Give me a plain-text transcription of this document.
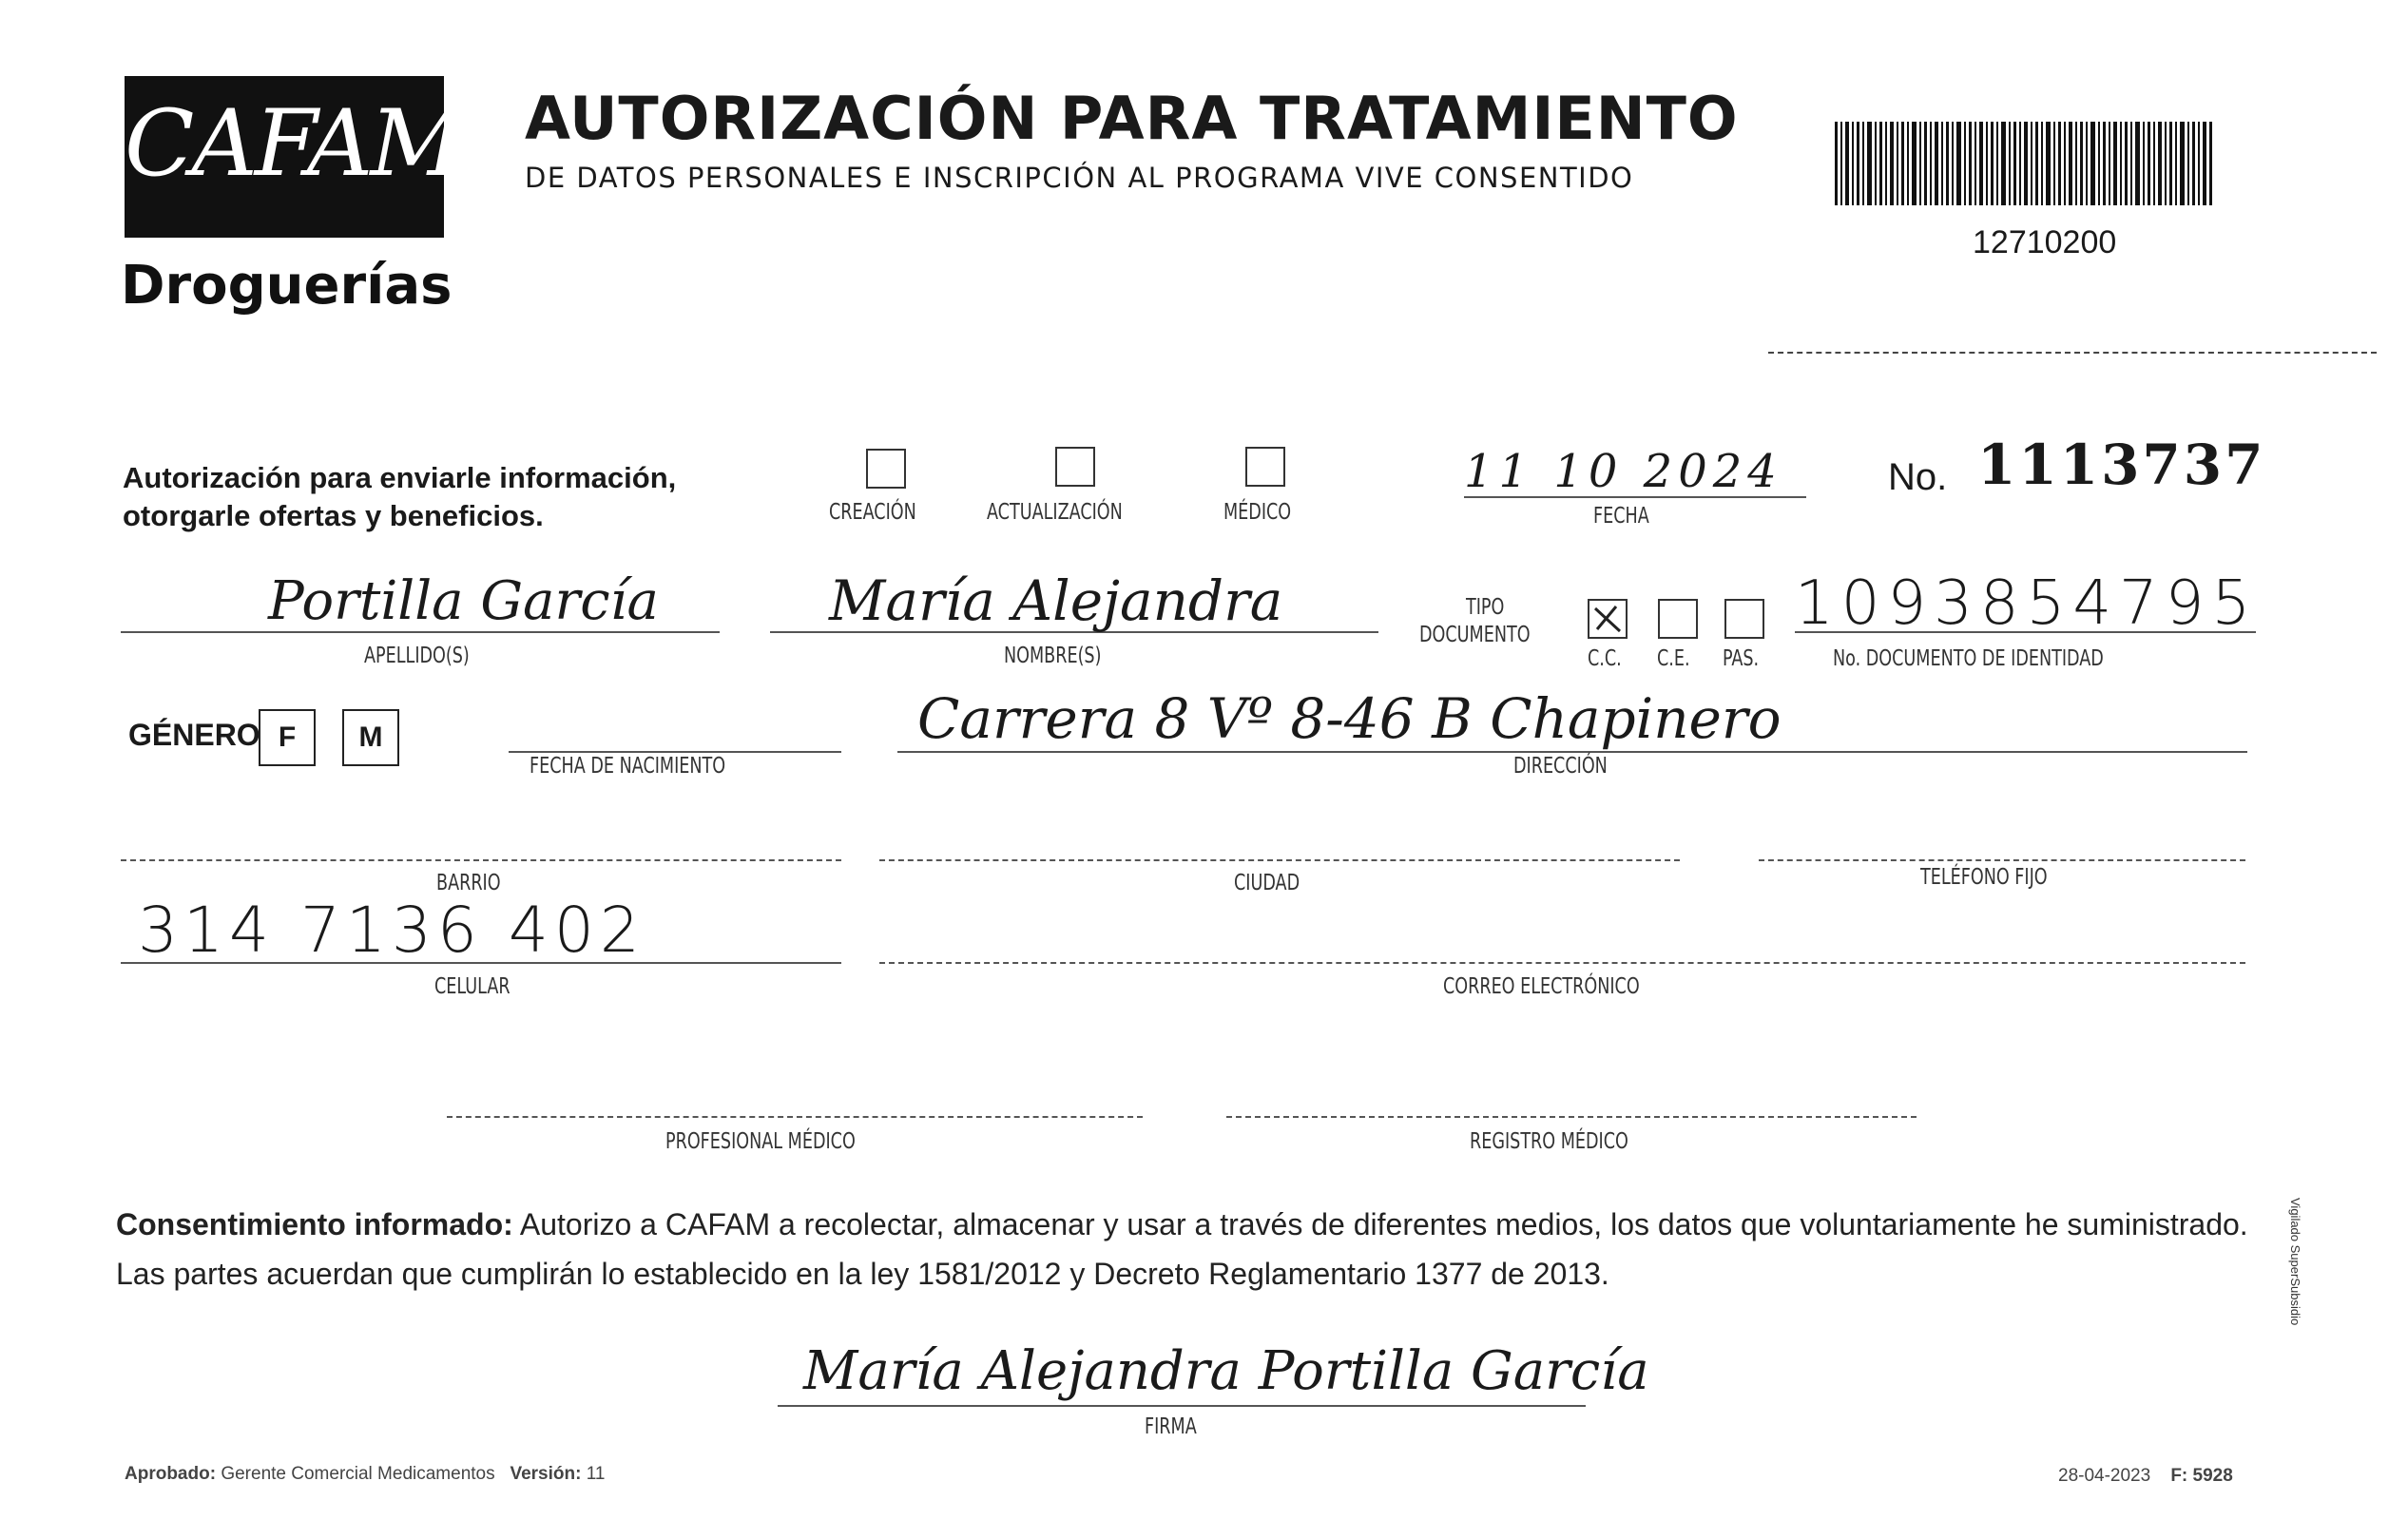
CAFAM
Droguerías
AUTORIZACIÓN PARA TRATAMIENTO
DE DATOS PERSONALES E INSCRIPCIÓN AL PROGRAMA VIVE CONSENTIDO
12710200
Autorización para enviarle información,
otorgarle ofertas y beneficios.	CREACIÓN	ACTUALIZACIÓN	MÉDICO
11 10 2024
FECHA
No. 1113737
Portilla García
APELLIDO(S)
María Alejandra
NOMBRE(S)
TIPO
DOCUMENTO
C.C. C.E. PAS.
1093854795
No. DOCUMENTO DE IDENTIDAD
GÉNERO F	M
FECHA DE NACIMIENTO
Carrera 8 Vº 8-46 B Chapinero
DIRECCIÓN
BARRIO	CIUDAD	TELÉFONO FIJO
314 7136 402
CELULAR	CORREO ELECTRÓNICO
PROFESIONAL MÉDICO	REGISTRO MÉDICO
Consentimiento informado: Autorizo a CAFAM a recolectar, almacenar y usar a través de diferentes medios, los datos que voluntariamente he suministrado.
Las partes acuerdan que cumplirán lo establecido en la ley 1581/2012 y Decreto Reglamentario 1377 de 2013.
María Alejandra Portilla García
FIRMA
Aprobado: Gerente Comercial Medicamentos Versión: 11	28-04-2023 F: 5928
Vigilado SuperSubsidio
